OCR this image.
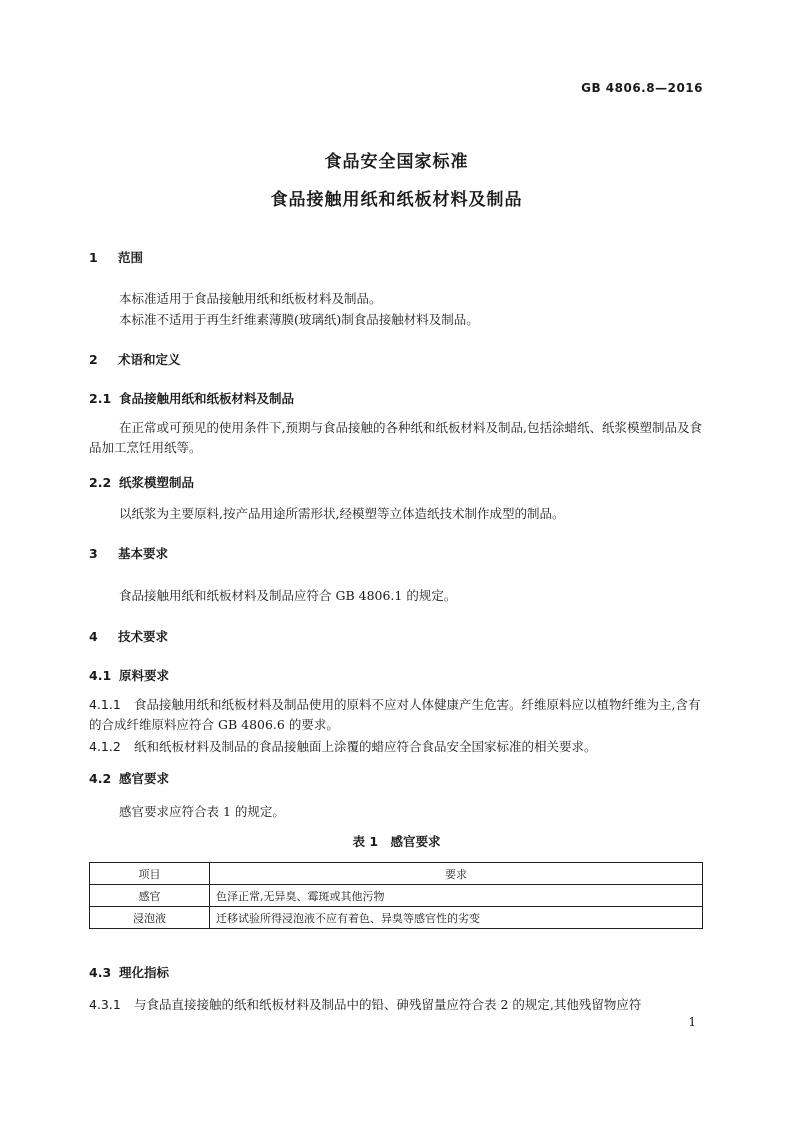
GB 4806.8—2016
食品安全国家标准
食品接触用纸和纸板材料及制品
1 范围
本标准适用于食品接触用纸和纸板材料及制品。
本标准不适用于再生纤维素薄膜(玻璃纸)制食品接触材料及制品。
2 术语和定义
2.1 食品接触用纸和纸板材料及制品
在正常或可预见的使用条件下,预期与食品接触的各种纸和纸板材料及制品,包括涂蜡纸、纸浆模塑制品及食品加工烹饪用纸等。
2.2 纸浆模塑制品
以纸浆为主要原料,按产品用途所需形状,经模塑等立体造纸技术制作成型的制品。
3 基本要求
食品接触用纸和纸板材料及制品应符合 GB 4806.1 的规定。
4 技术要求
4.1 原料要求
4.1.1 食品接触用纸和纸板材料及制品使用的原料不应对人体健康产生危害。纤维原料应以植物纤维为主,含有的合成纤维原料应符合 GB 4806.6 的要求。
4.1.2 纸和纸板材料及制品的食品接触面上涂覆的蜡应符合食品安全国家标准的相关要求。
4.2 感官要求
感官要求应符合表 1 的规定。
表 1　感官要求
项目	要求
感官	色泽正常,无异臭、霉斑或其他污物
浸泡液	迁移试验所得浸泡液不应有着色、异臭等感官性的劣变
4.3 理化指标
4.3.1 与食品直接接触的纸和纸板材料及制品中的铅、砷残留量应符合表 2 的规定,其他残留物应符
1
